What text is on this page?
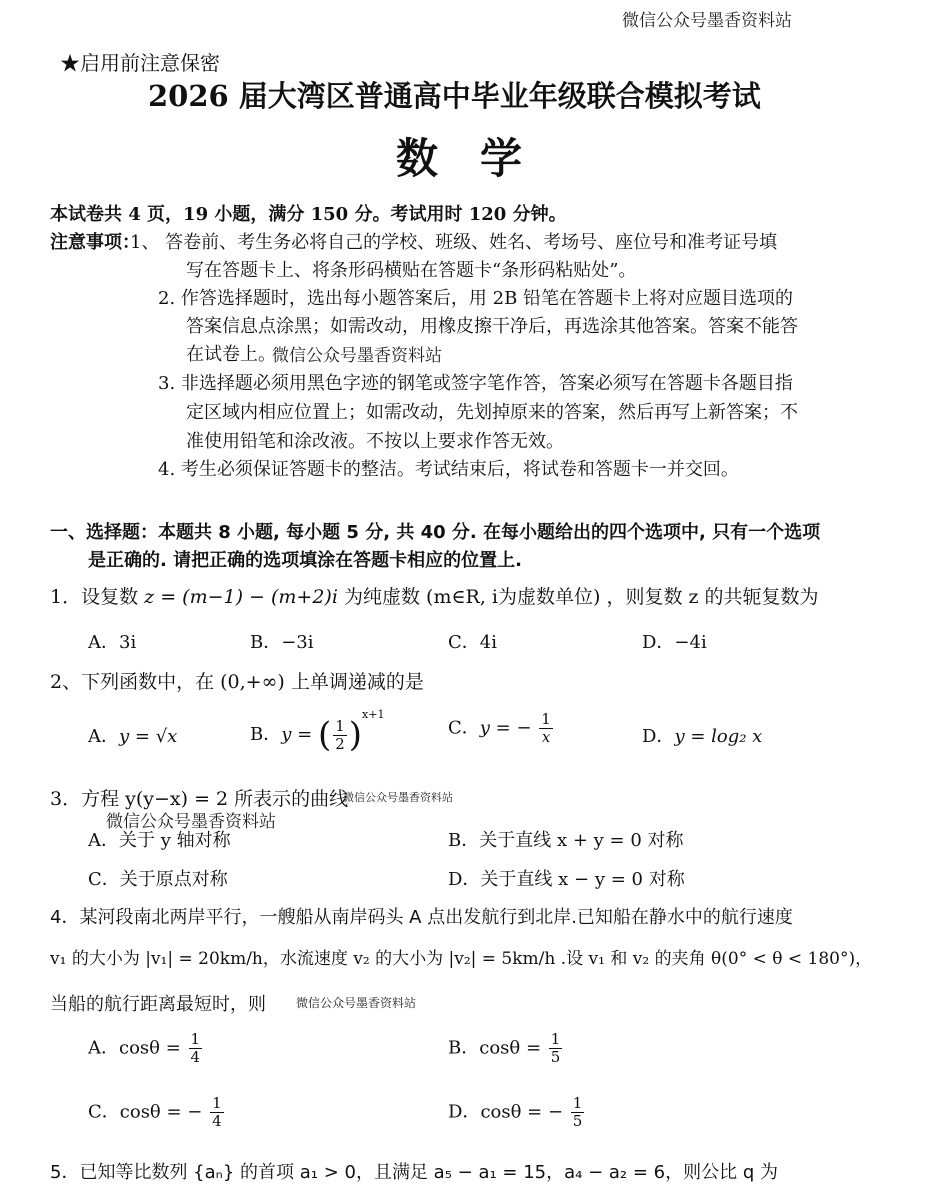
微信公众号墨香资料站
★启用前注意保密
2026 届大湾区普通高中毕业年级联合模拟考试
数　学
本试卷共 4 页，19 小题，满分 150 分。考试用时 120 分钟。
注意事项：
1、 答卷前、考生务必将自己的学校、班级、姓名、考场号、座位号和准考证号填
写在答题卡上、将条形码横贴在答题卡“条形码粘贴处”。
2. 作答选择题时，选出每小题答案后，用 2B 铅笔在答题卡上将对应题目选项的
答案信息点涂黑；如需改动，用橡皮擦干净后，再选涂其他答案。答案不能答
在试卷上。
微信公众号墨香资料站
3. 非选择题必须用黑色字迹的钢笔或签字笔作答，答案必须写在答题卡各题目指
定区域内相应位置上；如需改动，先划掉原来的答案，然后再写上新答案；不
准使用铅笔和涂改液。不按以上要求作答无效。
4. 考生必须保证答题卡的整洁。考试结束后，将试卷和答题卡一并交回。
一、选择题：本题共 8 小题, 每小题 5 分, 共 40 分. 在每小题给出的四个选项中, 只有一个选项
是正确的. 请把正确的选项填涂在答题卡相应的位置上.
1．设复数 z = (m−1) − (m+2)i 为纯虚数 (m∈R, i为虚数单位) ，则复数 z 的共轭复数为
A．3i	B．−3i	C．4i	D．−4i
2、下列函数中，在 (0,+∞) 上单调递减的是
A．y = √x	B．y = ( $\frac{1}{2} )^{x+1}$
C．y = − $\frac{1}{x}$	D．y = log₂ x
3．方程 y(y−x) = 2 所表示的曲线
微信公众号墨香资料站
微信公众号墨香资料站
A．关于 y 轴对称	B．关于直线 x + y = 0 对称
C．关于原点对称	D．关于直线 x − y = 0 对称
4．某河段南北两岸平行，一艘船从南岸码头 A 点出发航行到北岸.已知船在静水中的航行速度
v₁ 的大小为 |v₁| = 20km/h，水流速度 v₂ 的大小为 |v₂| = 5km/h .设 v₁ 和 v₂ 的夹角 θ(0° < θ < 180°)，
当船的航行距离最短时，则	微信公众号墨香资料站
A．$\cos\theta = \frac{1}{4}$	B．$\cos\theta = \frac{1}{5}$
C．cosθ = − $\frac{1}{4}$	D．cosθ = − $\frac{1}{5}$
5．已知等比数列 {aₙ} 的首项 a₁ > 0，且满足 a₅ − a₁ = 15，a₄ − a₂ = 6，则公比 q 为
